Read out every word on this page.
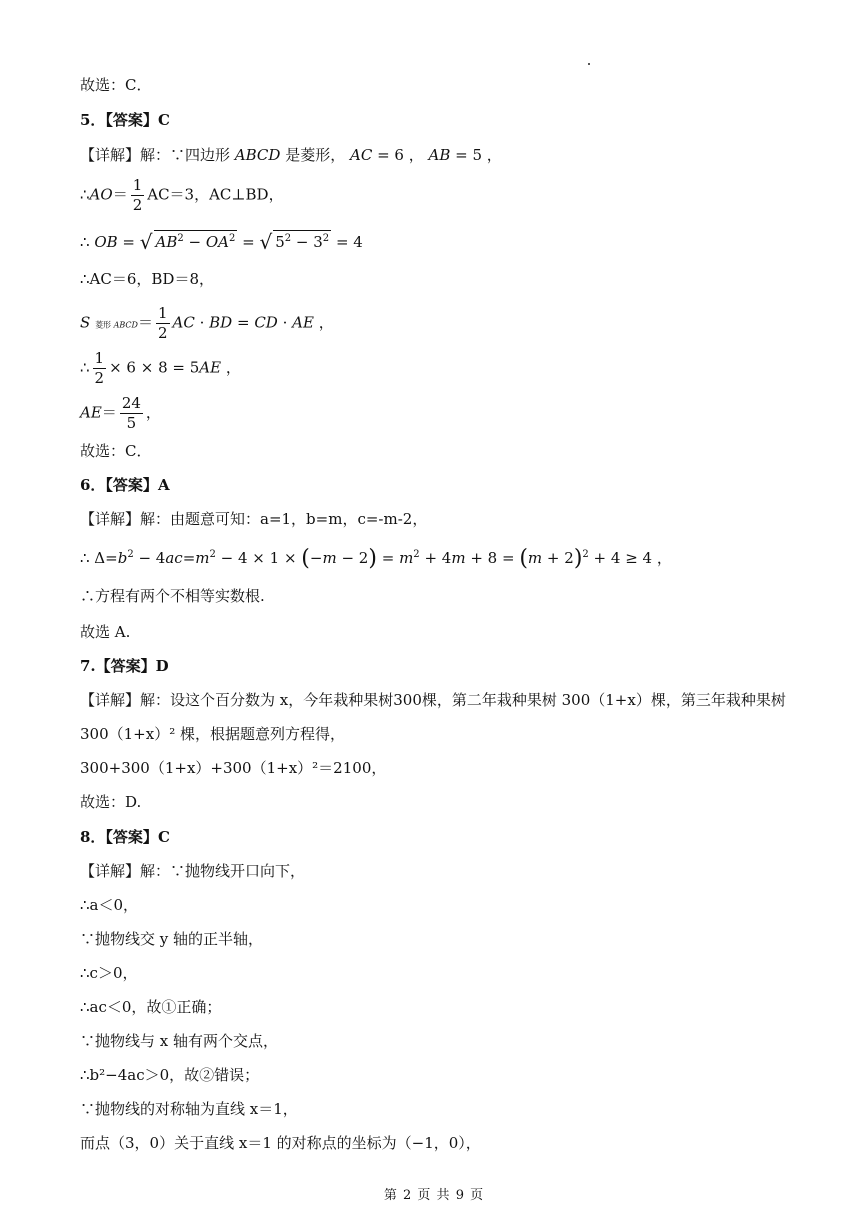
故选：C．
5．【答案】C
【详解】解：∵四边形 ABCD 是菱形， AC = 6 ， AB = 5 ，
∴AO＝ $\frac{1}{2} AC=3$，AC⊥BD，
∴ OB = √ $AB^2 - OA^2$ = √ $5^2 - 3^2 = 4$
∴AC＝6，BD＝8，
S 菱形 ABCD＝ $\frac{1}{2}$ AC · BD = CD · AE ，
∴ $\frac{1}{2} \times 6 \times 8 = 5AE$ ，
$AE= \frac{24}{5}$ ，
故选：C．
6．【答案】A
【详解】解：由题意可知：a=1，b=m，c=-m-2，
∴ $\Delta=b^2 - 4ac=m^2 - 4 \times 1 \times (-m - 2) = m^2 + 4m + 8 = (m + 2)^2 + 4 \ge 4$ ，
∴方程有两个不相等实数根.
故选 A.
7.【答案】D
【详解】解：设这个百分数为 x，今年栽种果树300棵，第二年栽种果树 300（1+x）棵，第三年栽种果树
300（1+x）² 棵，根据题意列方程得，
300+300（1+x）+300（1+x）²＝2100，
故选：D.
8．【答案】C
【详解】解：∵抛物线开口向下，
∴a＜0，
∵抛物线交 y 轴的正半轴，
∴c＞0，
∴ac＜0，故①正确；
∵抛物线与 x 轴有两个交点，
∴b²−4ac＞0，故②错误；
∵抛物线的对称轴为直线 x＝1，
而点（3，0）关于直线 x＝1 的对称点的坐标为（−1，0），
第 2 页 共 9 页
